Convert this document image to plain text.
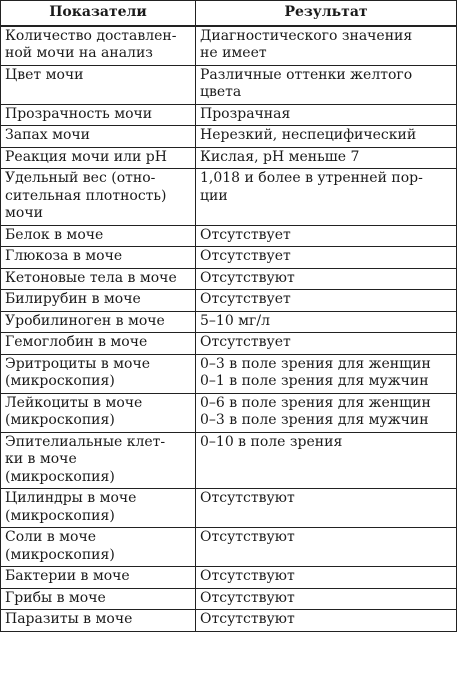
Показатели	Результат

Количество доставлен-
ной мочи на анализ	Диагностического значения
не имеет

Цвет мочи	Различные оттенки желтого
цвета

Прозрачность мочи	Прозрачная

Запах мочи	Нерезкий, неспецифический

Реакция мочи или pH	Кислая, pH меньше 7

Удельный вес (отно-
сительная плотность)
мочи	1,018 и более в утренней пор-
ции

Белок в моче	Отсутствует

Глюкоза в моче	Отсутствует

Кетоновые тела в моче	Отсутствуют

Билирубин в моче	Отсутствует

Уробилиноген в моче	5–10 мг/л

Гемоглобин в моче	Отсутствует

Эритроциты в моче
(микроскопия)	0–3 в поле зрения для женщин
0–1 в поле зрения для мужчин

Лейкоциты в моче
(микроскопия)	0–6 в поле зрения для женщин
0–3 в поле зрения для мужчин

Эпителиальные клет-
ки в моче
(микроскопия)	0–10 в поле зрения

Цилиндры в моче
(микроскопия)	Отсутствуют

Соли в моче
(микроскопия)	Отсутствуют

Бактерии в моче	Отсутствуют

Грибы в моче	Отсутствуют

Паразиты в моче	Отсутствуют
